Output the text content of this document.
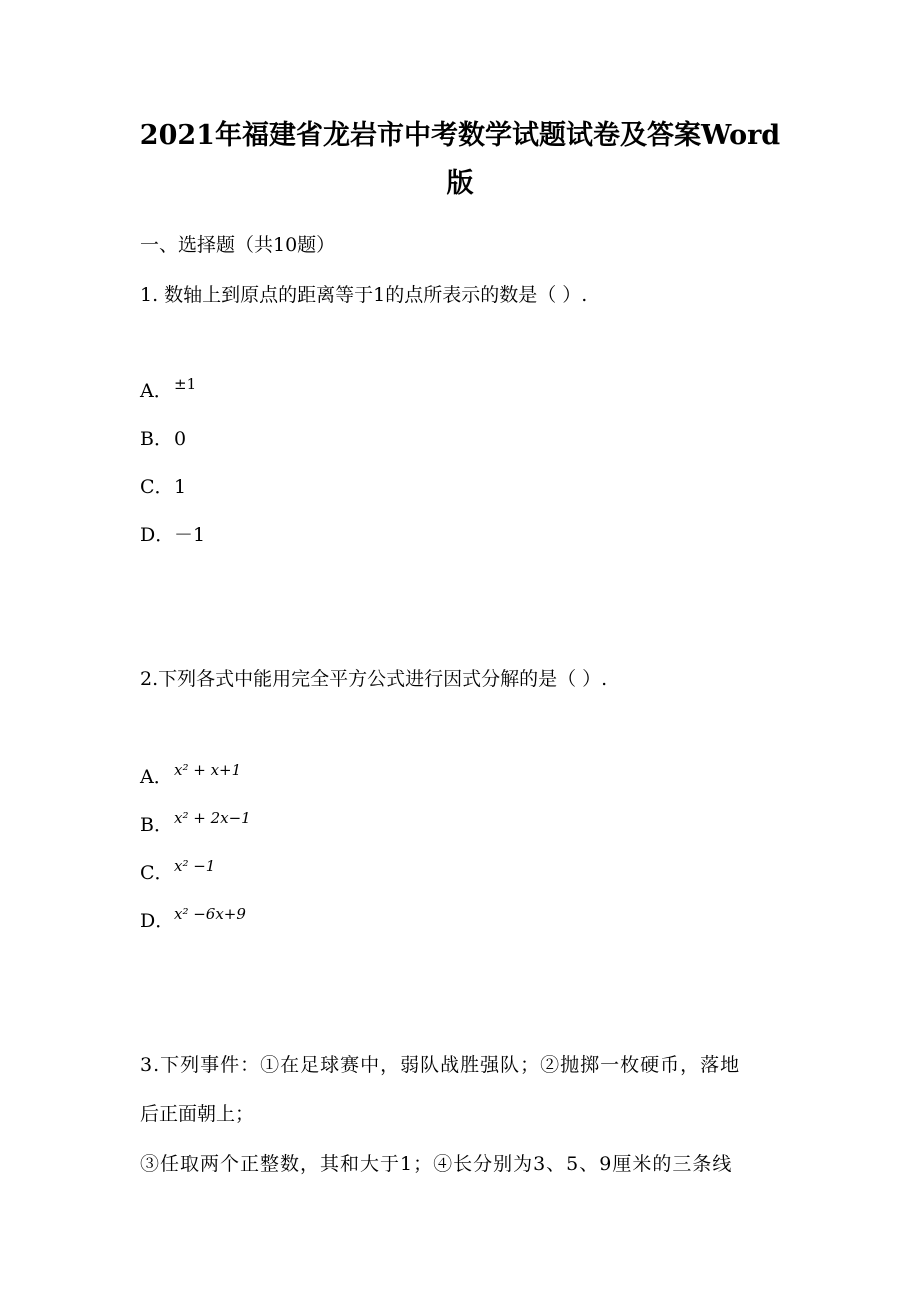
2021年福建省龙岩市中考数学试题试卷及答案Word
版
一、选择题（共10题）
1. 数轴上到原点的距离等于1的点所表示的数是（ ）.
A．$^{\pm 1}$
B．0
C．1
D．－1
2.下列各式中能用完全平方公式进行因式分解的是（ ）.
A．$^{x^2 + x+1}$
B．$^{x^2 + 2x-1}$
C．$^{x^2 -1}$
D．$^{x^2 -6x+9}$
3.下列事件：①在足球赛中，弱队战胜强队；②抛掷一枚硬币，落地
后正面朝上；
③任取两个正整数，其和大于1；④长分别为3、5、9厘米的三条线
